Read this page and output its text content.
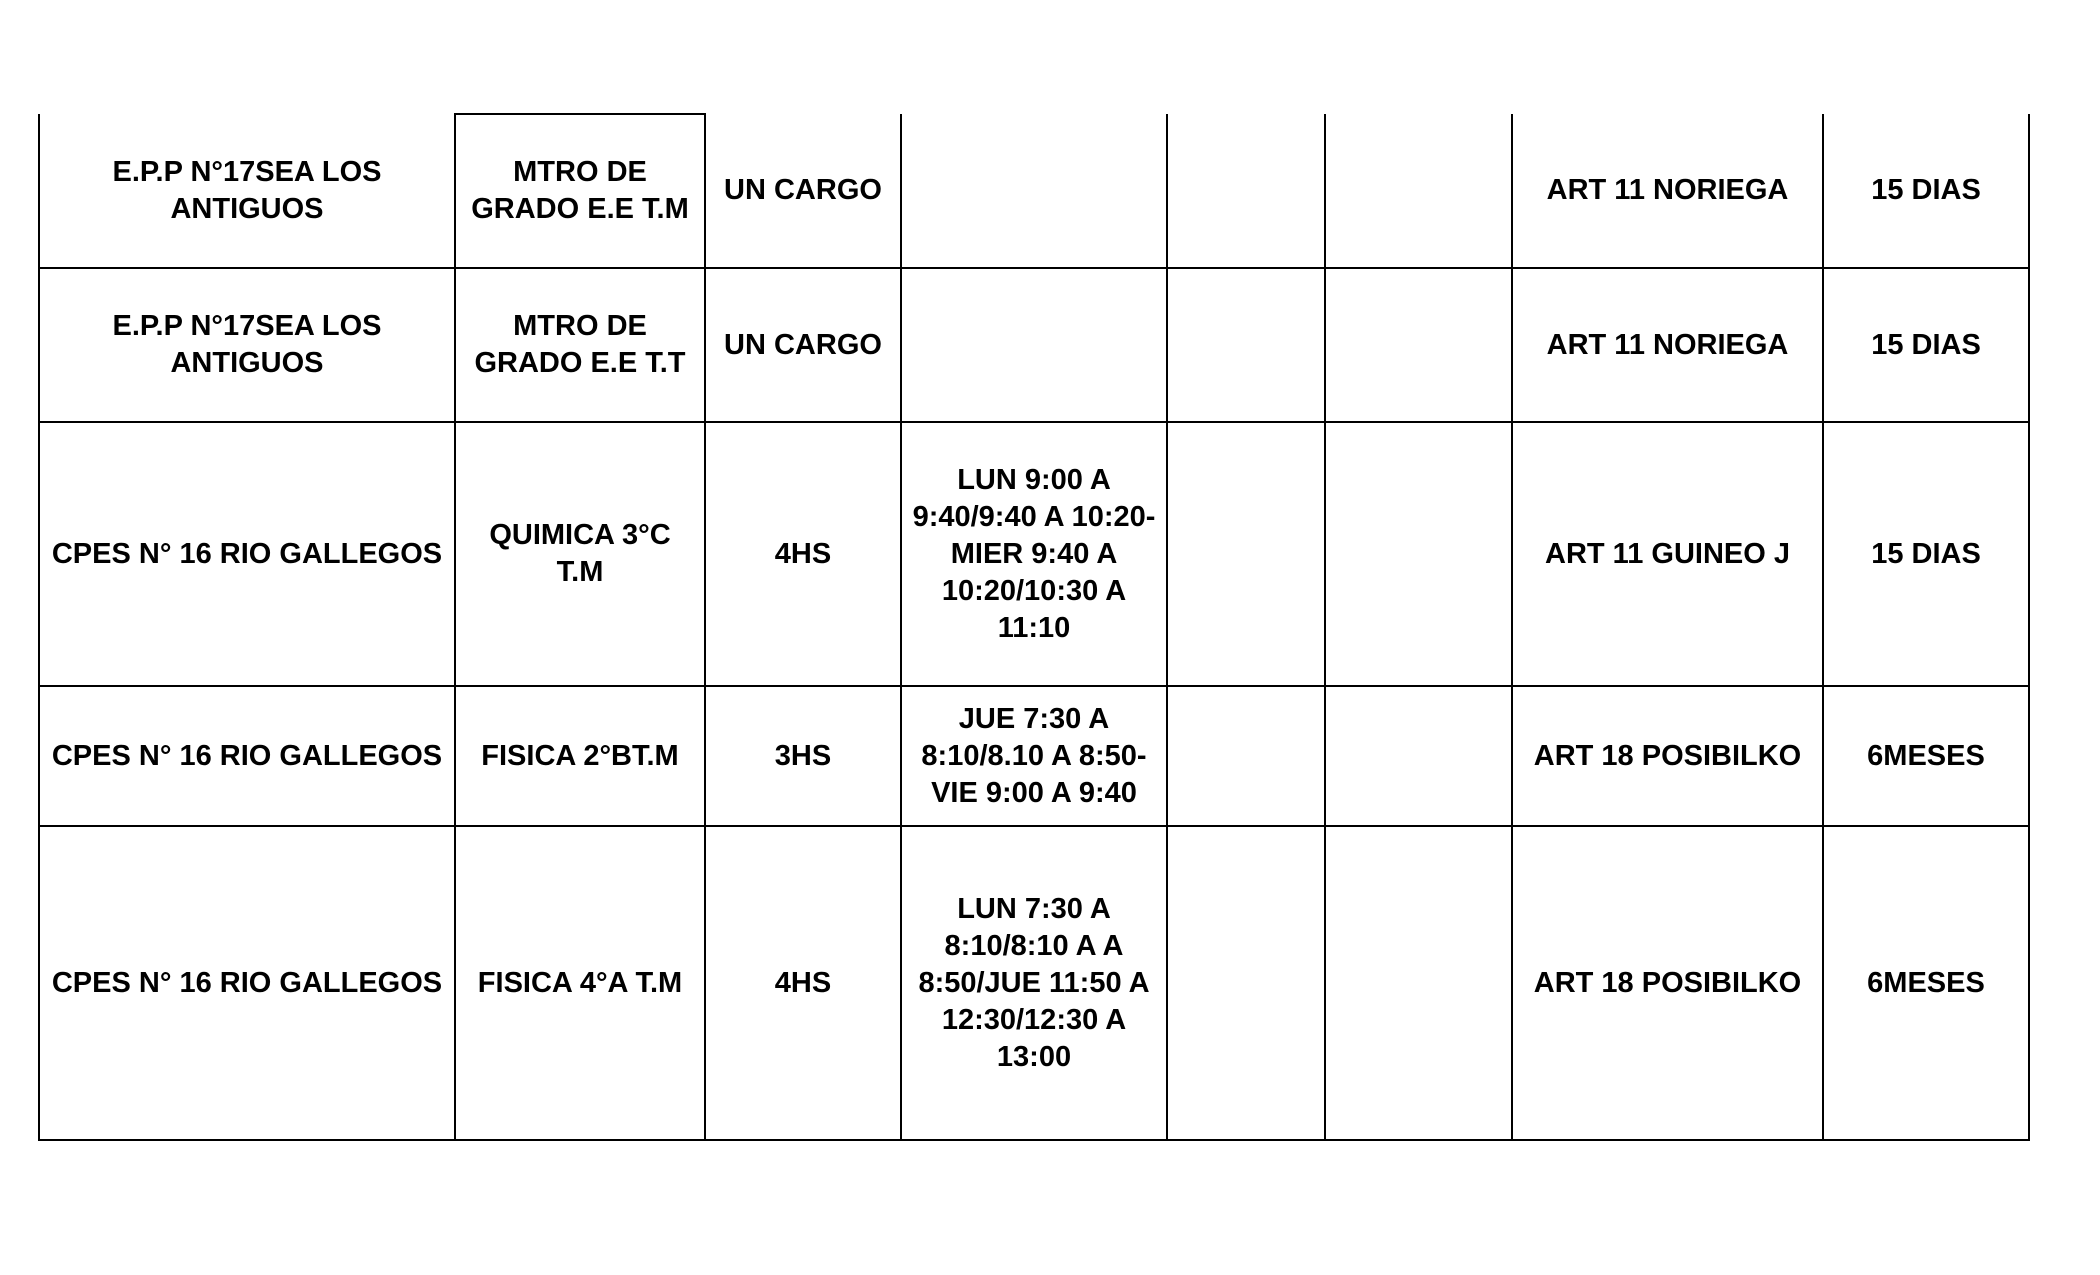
E.P.P N°17SEA LOS ANTIGUOS	MTRO DE GRADO E.E T.M	UN CARGO				ART 11 NORIEGA	15 DIAS
E.P.P N°17SEA LOS ANTIGUOS	MTRO DE GRADO E.E T.T	UN CARGO				ART 11 NORIEGA	15 DIAS
CPES N° 16 RIO GALLEGOS	QUIMICA 3°C T.M	4HS	LUN 9:00 A 9:40/9:40 A 10:20-MIER 9:40 A 10:20/10:30 A 11:10			ART 11 GUINEO J	15 DIAS
CPES N° 16 RIO GALLEGOS	FISICA 2°BT.M	3HS	JUE 7:30 A 8:10/8.10 A 8:50-VIE 9:00 A 9:40			ART 18 POSIBILKO	6MESES
CPES N° 16 RIO GALLEGOS	FISICA 4°A T.M	4HS	LUN 7:30 A 8:10/8:10 A A 8:50/JUE 11:50 A 12:30/12:30 A 13:00			ART 18 POSIBILKO	6MESES
